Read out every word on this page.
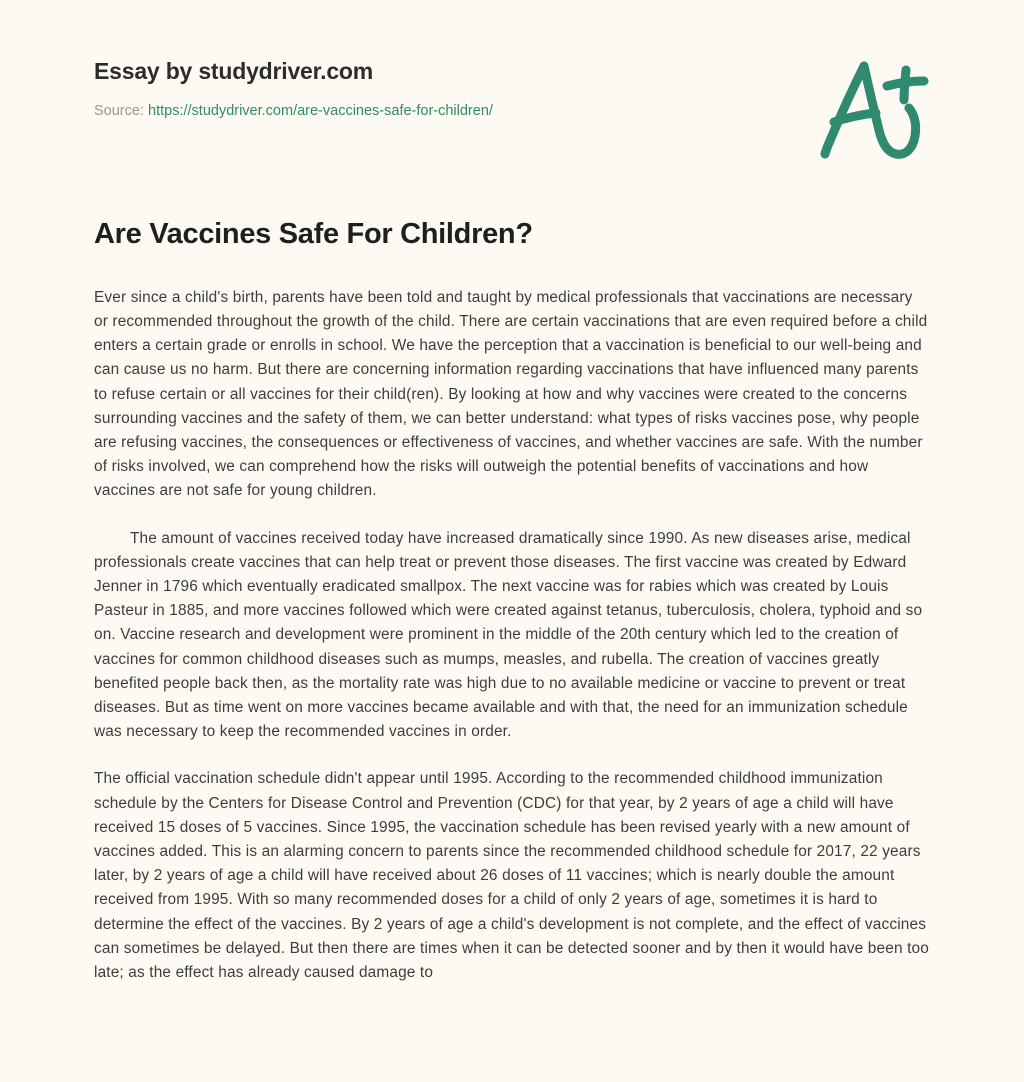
Essay by studydriver.com
Source: https://studydriver.com/are-vaccines-safe-for-children/
Are Vaccines Safe For Children?

Ever since a child's birth, parents have been told and taught by medical professionals that vaccinations are necessary or recommended throughout the growth of the child. There are certain vaccinations that are even required before a child enters a certain grade or enrolls in school. We have the perception that a vaccination is beneficial to our well-being and can cause us no harm. But there are concerning information regarding vaccinations that have influenced many parents to refuse certain or all vaccines for their child(ren). By looking at how and why vaccines were created to the concerns surrounding vaccines and the safety of them, we can better understand: what types of risks vaccines pose, why people are refusing vaccines, the consequences or effectiveness of vaccines, and whether vaccines are safe. With the number of risks involved, we can comprehend how the risks will outweigh the potential benefits of vaccinations and how vaccines are not safe for young children.

The amount of vaccines received today have increased dramatically since 1990. As new diseases arise, medical professionals create vaccines that can help treat or prevent those diseases. The first vaccine was created by Edward Jenner in 1796 which eventually eradicated smallpox. The next vaccine was for rabies which was created by Louis Pasteur in 1885, and more vaccines followed which were created against tetanus, tuberculosis, cholera, typhoid and so on. Vaccine research and development were prominent in the middle of the 20th century which led to the creation of vaccines for common childhood diseases such as mumps, measles, and rubella. The creation of vaccines greatly benefited people back then, as the mortality rate was high due to no available medicine or vaccine to prevent or treat diseases. But as time went on more vaccines became available and with that, the need for an immunization schedule was necessary to keep the recommended vaccines in order.

The official vaccination schedule didn't appear until 1995. According to the recommended childhood immunization schedule by the Centers for Disease Control and Prevention (CDC) for that year, by 2 years of age a child will have received 15 doses of 5 vaccines. Since 1995, the vaccination schedule has been revised yearly with a new amount of vaccines added. This is an alarming concern to parents since the recommended childhood schedule for 2017, 22 years later, by 2 years of age a child will have received about 26 doses of 11 vaccines; which is nearly double the amount received from 1995. With so many recommended doses for a child of only 2 years of age, sometimes it is hard to determine the effect of the vaccines. By 2 years of age a child's development is not complete, and the effect of vaccines can sometimes be delayed. But then there are times when it can be detected sooner and by then it would have been too late; as the effect has already caused damage to
